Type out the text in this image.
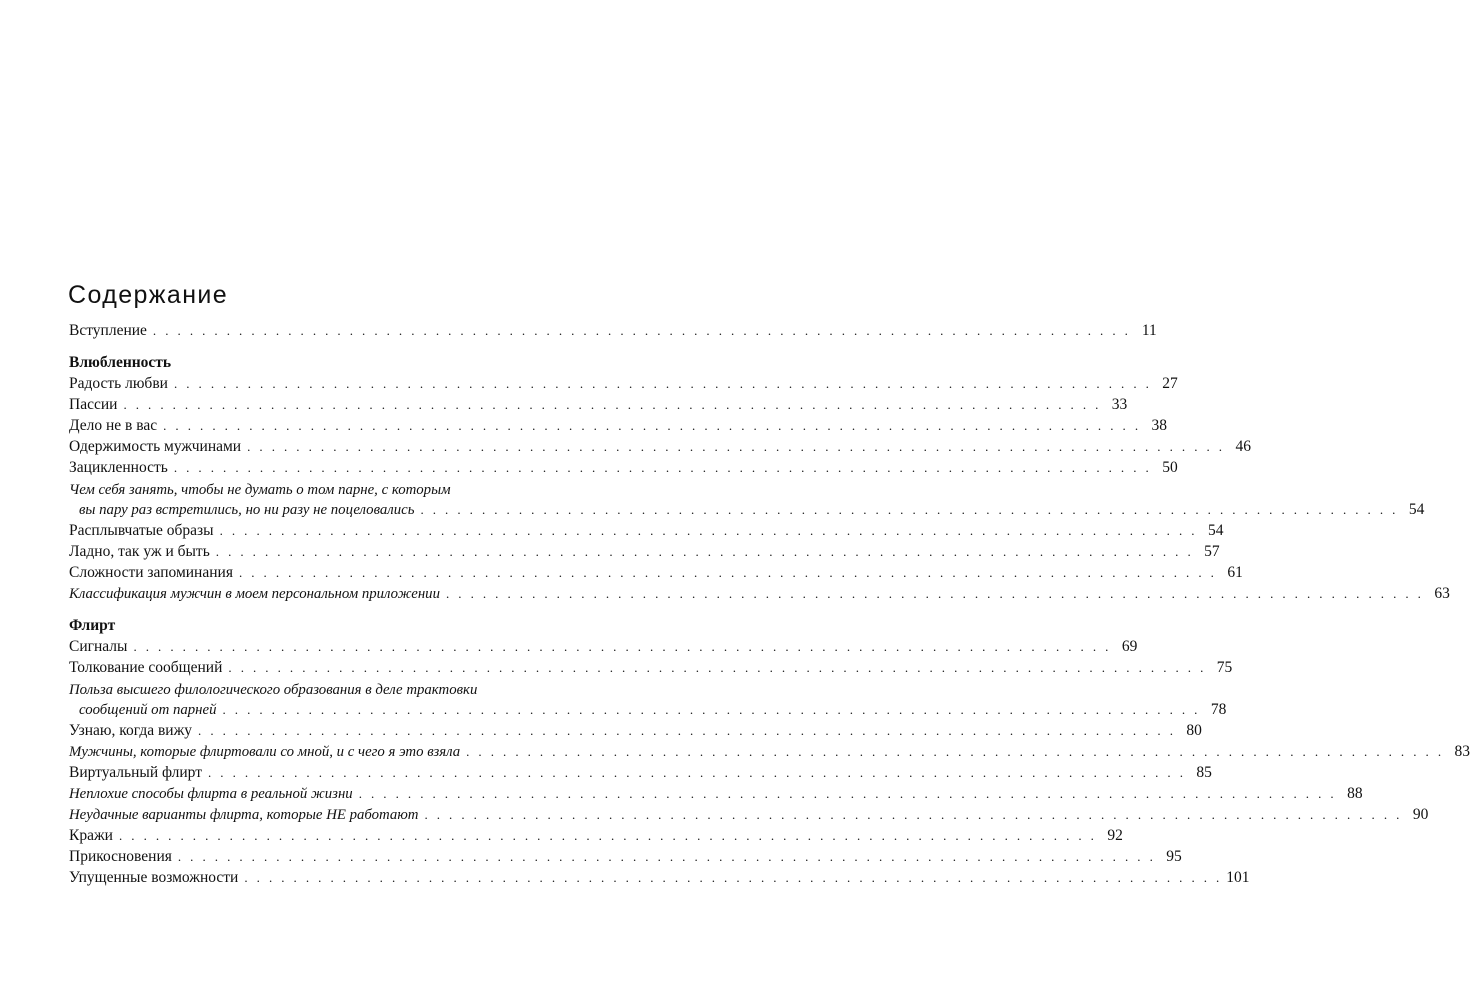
Содержание
Вступление . . . . . . . . . . . . . . . . . . . . . . . . . . . . . . . . . . . . . . . . . . . . . . . . . . . . . . . . . . . . . . . . . . . . . . . . . . . . . . . . 11
Влюбленность
Радость любви . . . . . . . . . . . . . . . . . . . . . . . . . . . . . . . . . . . . . . . . . . . . . . . . . . . . . . . . . . . . . . . . . . . . . . . . . . . . . . . . 27
Пассии . . . . . . . . . . . . . . . . . . . . . . . . . . . . . . . . . . . . . . . . . . . . . . . . . . . . . . . . . . . . . . . . . . . . . . . . . . . . . . . . 33
Дело не в вас . . . . . . . . . . . . . . . . . . . . . . . . . . . . . . . . . . . . . . . . . . . . . . . . . . . . . . . . . . . . . . . . . . . . . . . . . . . . . . . . 38
Одержимость мужчинами . . . . . . . . . . . . . . . . . . . . . . . . . . . . . . . . . . . . . . . . . . . . . . . . . . . . . . . . . . . . . . . . . . . . . . . . . . . . . . . . 46
Зацикленность . . . . . . . . . . . . . . . . . . . . . . . . . . . . . . . . . . . . . . . . . . . . . . . . . . . . . . . . . . . . . . . . . . . . . . . . . . . . . . . . 50
Чем себя занять, чтобы не думать о том парне, с которым
вы пару раз встретились, но ни разу не поцеловались . . . . . . . . . . . . . . . . . . . . . . . . . . . . . . . . . . . . . . . . . . . . . . . . . . . . . . . . . . . . . . . . . . . . . . . . . . . . . . . . 54
Расплывчатые образы . . . . . . . . . . . . . . . . . . . . . . . . . . . . . . . . . . . . . . . . . . . . . . . . . . . . . . . . . . . . . . . . . . . . . . . . . . . . . . . . 54
Ладно, так уж и быть . . . . . . . . . . . . . . . . . . . . . . . . . . . . . . . . . . . . . . . . . . . . . . . . . . . . . . . . . . . . . . . . . . . . . . . . . . . . . . . . 57
Сложности запоминания . . . . . . . . . . . . . . . . . . . . . . . . . . . . . . . . . . . . . . . . . . . . . . . . . . . . . . . . . . . . . . . . . . . . . . . . . . . . . . . . 61
Классификация мужчин в моем персональном приложении . . . . . . . . . . . . . . . . . . . . . . . . . . . . . . . . . . . . . . . . . . . . . . . . . . . . . . . . . . . . . . . . . . . . . . . . . . . . . . . . 63
Флирт
Сигналы . . . . . . . . . . . . . . . . . . . . . . . . . . . . . . . . . . . . . . . . . . . . . . . . . . . . . . . . . . . . . . . . . . . . . . . . . . . . . . . . 69
Толкование сообщений . . . . . . . . . . . . . . . . . . . . . . . . . . . . . . . . . . . . . . . . . . . . . . . . . . . . . . . . . . . . . . . . . . . . . . . . . . . . . . . . 75
Польза высшего филологического образования в деле трактовки
сообщений от парней . . . . . . . . . . . . . . . . . . . . . . . . . . . . . . . . . . . . . . . . . . . . . . . . . . . . . . . . . . . . . . . . . . . . . . . . . . . . . . . . 78
Узнаю, когда вижу . . . . . . . . . . . . . . . . . . . . . . . . . . . . . . . . . . . . . . . . . . . . . . . . . . . . . . . . . . . . . . . . . . . . . . . . . . . . . . . . 80
Мужчины, которые флиртовали со мной, и с чего я это взяла . . . . . . . . . . . . . . . . . . . . . . . . . . . . . . . . . . . . . . . . . . . . . . . . . . . . . . . . . . . . . . . . . . . . . . . . . . . . . . . . 83
Виртуальный флирт . . . . . . . . . . . . . . . . . . . . . . . . . . . . . . . . . . . . . . . . . . . . . . . . . . . . . . . . . . . . . . . . . . . . . . . . . . . . . . . . 85
Неплохие способы флирта в реальной жизни . . . . . . . . . . . . . . . . . . . . . . . . . . . . . . . . . . . . . . . . . . . . . . . . . . . . . . . . . . . . . . . . . . . . . . . . . . . . . . . . 88
Неудачные варианты флирта, которые НЕ работают . . . . . . . . . . . . . . . . . . . . . . . . . . . . . . . . . . . . . . . . . . . . . . . . . . . . . . . . . . . . . . . . . . . . . . . . . . . . . . . . 90
Кражи . . . . . . . . . . . . . . . . . . . . . . . . . . . . . . . . . . . . . . . . . . . . . . . . . . . . . . . . . . . . . . . . . . . . . . . . . . . . . . . . 92
Прикосновения . . . . . . . . . . . . . . . . . . . . . . . . . . . . . . . . . . . . . . . . . . . . . . . . . . . . . . . . . . . . . . . . . . . . . . . . . . . . . . . . 95
Упущенные возможности . . . . . . . . . . . . . . . . . . . . . . . . . . . . . . . . . . . . . . . . . . . . . . . . . . . . . . . . . . . . . . . . . . . . . . . . . . . . . . . . 101
